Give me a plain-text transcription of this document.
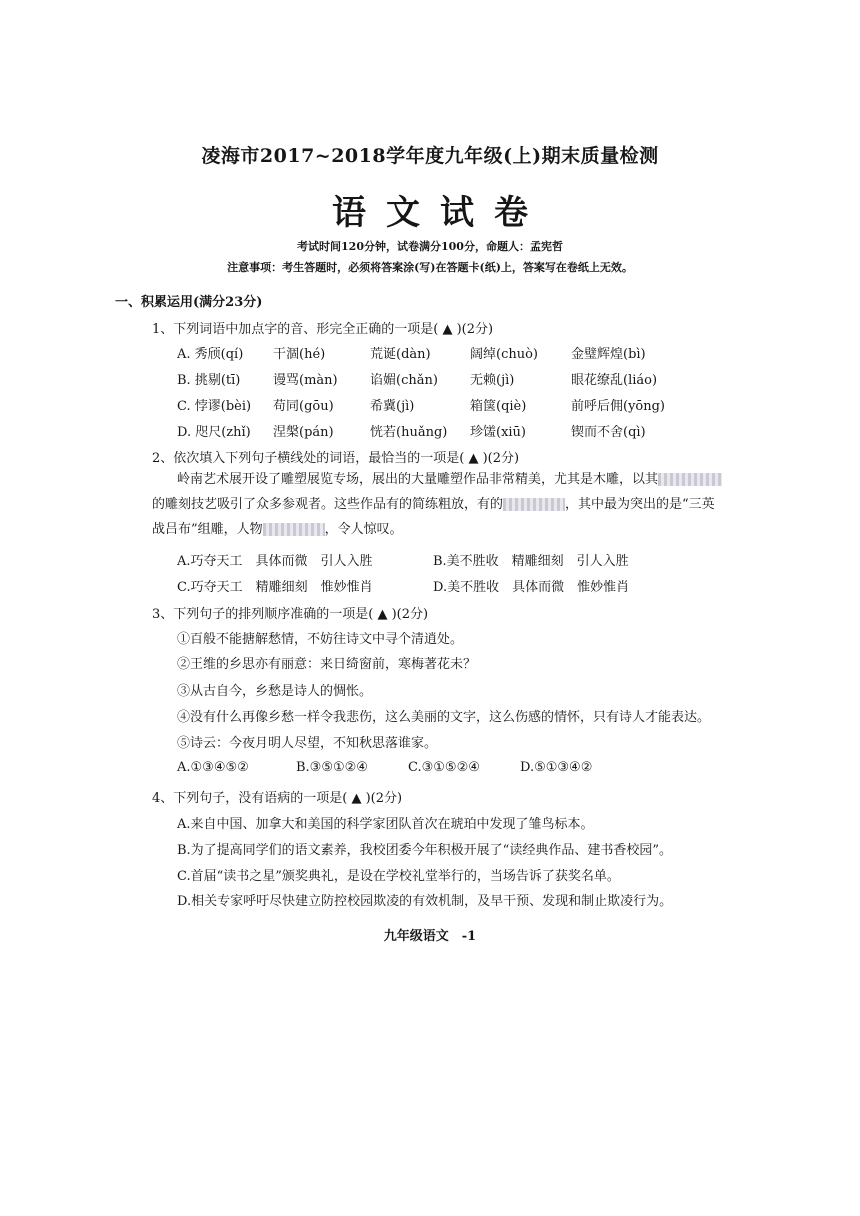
凌海市2017~2018学年度九年级(上)期末质量检测
语文试卷
考试时间120分钟，试卷满分100分，命题人：孟宪哲
注意事项：考生答题时，必须将答案涂(写)在答题卡(纸)上，答案写在卷纸上无效。
一、积累运用(满分23分)
1、下列词语中加点字的音、形完全正确的一项是( ▲ )(2分)
A. 秀颀(qí) 干涸(hé)	荒诞(dàn)	阔绰(chuò)	金璧辉煌(bì)
B. 挑剔(tī)	谩骂(màn) 谄媚(chǎn) 无赖(jì)	眼花缭乱(liáo)
C. 悖谬(bèi) 苟同(gōu)	希冀(jì)	箱箧(qiè)	前呼后佣(yōng)
D. 咫尺(zhǐ) 涅槃(pán)	恍若(huǎng) 珍馐(xiū)	锲而不舍(qì)
2、依次填入下列句子横线处的词语，最恰当的一项是( ▲ )(2分)
岭南艺术展开设了雕塑展览专场，展出的大量雕塑作品非常精美，尤其是木雕，以其
的雕刻技艺吸引了众多参观者。这些作品有的简练粗放，有的	，其中最为突出的是“三英
战吕布”组雕，人物	，令人惊叹。
A.巧夺天工　具体而微　引人入胜	B.美不胜收　精雕细刻　引人入胜
C.巧夺天工　精雕细刻　惟妙惟肖	D.美不胜收　具体而微　惟妙惟肖
3、下列句子的排列顺序准确的一项是( ▲ )(2分)
①百般不能搪解愁情，不妨往诗文中寻个清逍处。
②王维的乡思亦有丽意：来日绮窗前，寒梅著花未？
③从古自今，乡愁是诗人的惆怅。
④没有什么再像乡愁一样令我悲伤，这么美丽的文字，这么伤感的情怀，只有诗人才能表达。
⑤诗云：今夜月明人尽望，不知秋思落谁家。
A.①③④⑤②	B.③⑤①②④	C.③①⑤②④	D.⑤①③④②
4、下列句子，没有语病的一项是( ▲ )(2分)
A.来自中国、加拿大和美国的科学家团队首次在琥珀中发现了雏鸟标本。
B.为了提高同学们的语文素养，我校团委今年积极开展了“读经典作品、建书香校园”。
C.首届“读书之星”颁奖典礼，是设在学校礼堂举行的，当场告诉了获奖名单。
D.相关专家呼吁尽快建立防控校园欺凌的有效机制，及早干预、发现和制止欺凌行为。
九年级语文　-1
